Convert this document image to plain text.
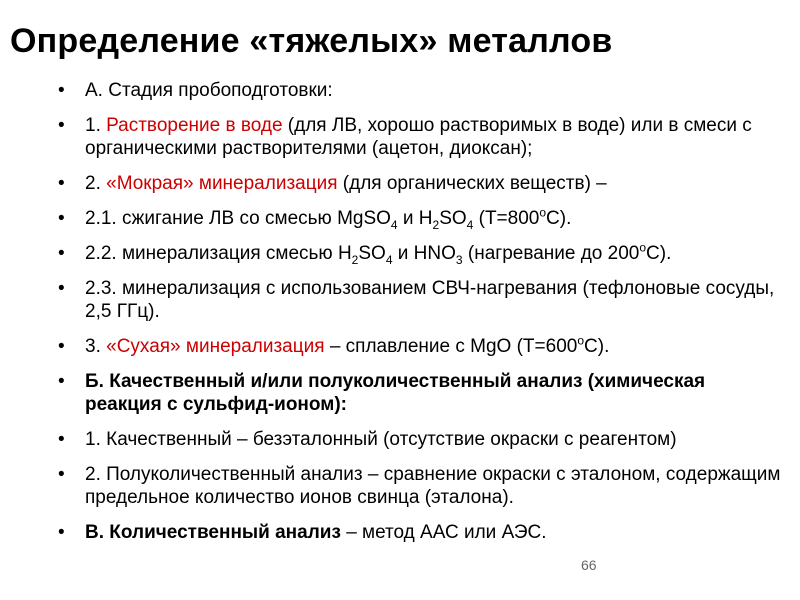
Определение «тяжелых» металлов
• А. Стадия пробоподготовки:
• 1. Растворение в воде (для ЛВ, хорошо растворимых в воде) или в смеси с органическими растворителями (ацетон, диоксан);
• 2. «Мокрая» минерализация (для органических веществ) –
• 2.1. сжигание ЛВ со смесью MgSO$_4$ и $H_2SO_4$ $(Т=800^оС)$.
• 2.2. минерализация смесью $H_2SO_4$ и $HNO_3$ (нагревание до $200^оС$).
• 2.3. минерализация с использованием СВЧ-нагревания (тефлоновые сосуды, 2,5 ГГц).
• 3. «Сухая» минерализация – сплавление с MgO $(Т=600^оС)$.
• Б. Качественный и/или полуколичественный анализ (химическая реакция с сульфид-ионом):
• 1. Качественный – безэталонный (отсутствие окраски с реагентом)
• 2. Полуколичественный анализ – сравнение окраски с эталоном, содержащим предельное количество ионов свинца (эталона).
• В. Количественный анализ – метод ААС или АЭС.
66
